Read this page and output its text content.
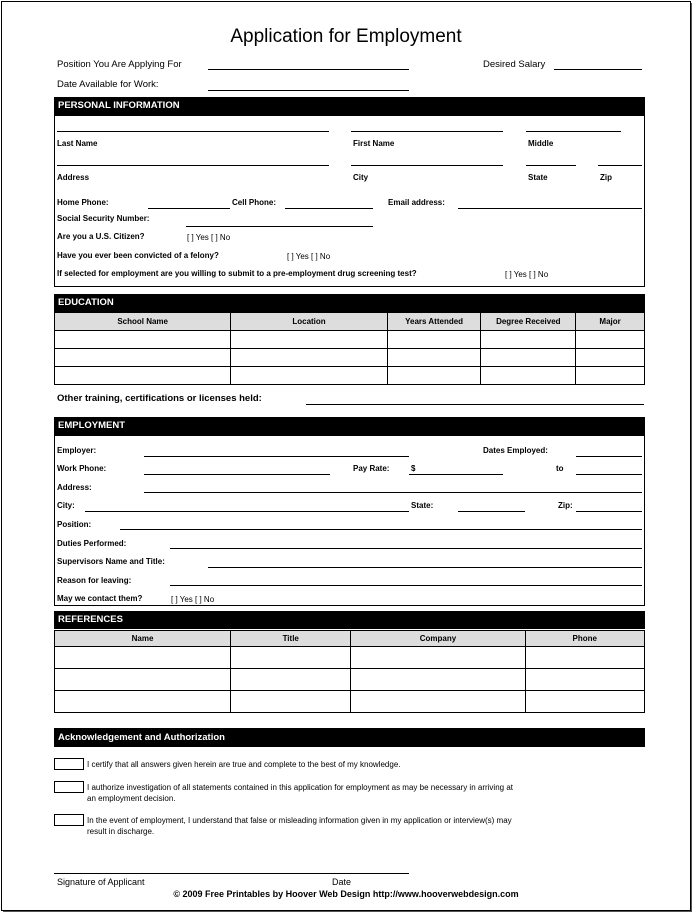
Application for Employment
Position You Are Applying For	Desired Salary
Date Available for Work:
PERSONAL INFORMATION
Last Name	First Name	Middle
Address	City	State	Zip
Home Phone:	Cell Phone:	Email address:
Social Security Number:
Are you a U.S. Citizen?	[ ] Yes [ ] No
Have you ever been convicted of a felony?	[ ] Yes [ ] No
If selected for employment are you willing to submit to a pre-employment drug screening test?	[ ] Yes [ ] No
EDUCATION
School Name	Location	Years Attended	Degree Received	Major

Other training, certifications or licenses held:
EMPLOYMENT
Employer:	Dates Employed:
Work Phone:	Pay Rate:	$	to
Address:
City:	State:	Zip:
Position:
Duties Performed:
Supervisors Name and Title:
Reason for leaving:
May we contact them?	[ ] Yes [ ] No
REFERENCES
Name	Title	Company	Phone

Acknowledgement and Authorization
I certify that all answers given herein are true and complete to the best of my knowledge.
I authorize investigation of all statements contained in this application for employment as may be necessary in arriving at
an employment decision.
In the event of employment, I understand that false or misleading information given in my application or interview(s) may
result in discharge.
Signature of Applicant	Date
© 2009 Free Printables by Hoover Web Design http://www.hooverwebdesign.com
